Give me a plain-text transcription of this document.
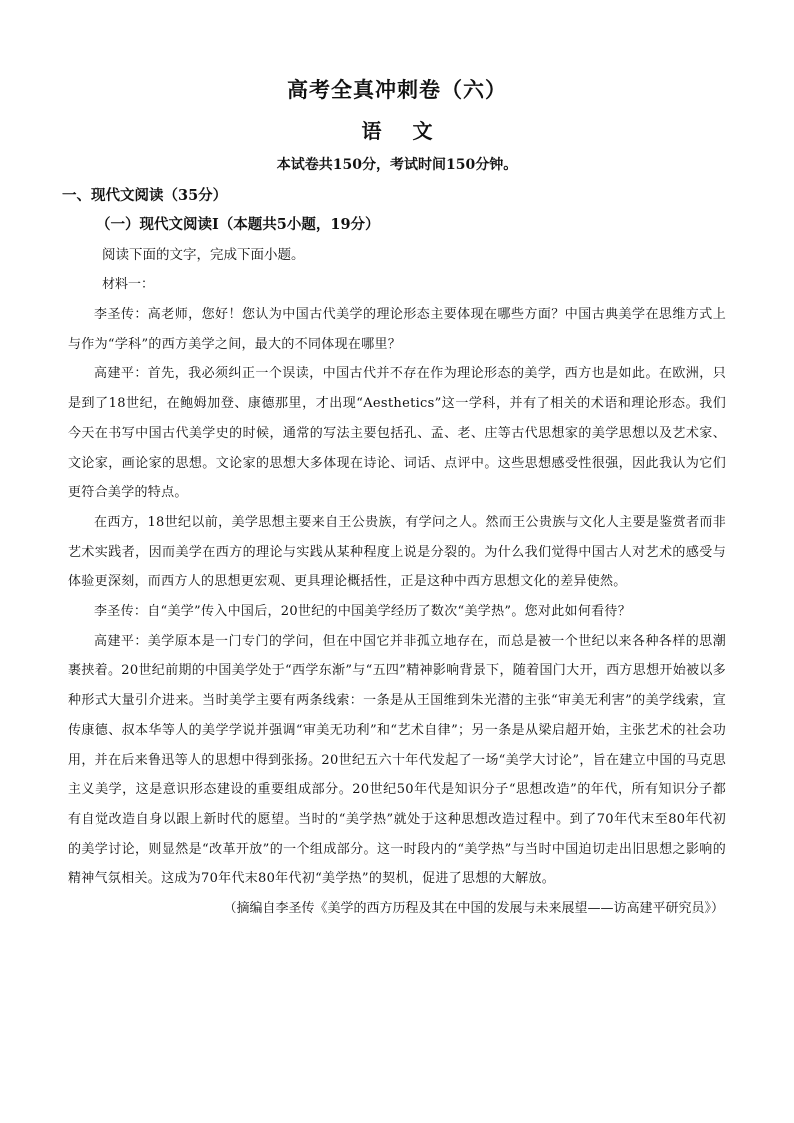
高考全真冲刺卷（六）
语 文
本试卷共150分，考试时间150分钟。
一、现代文阅读（35分）
（一）现代文阅读Ⅰ（本题共5小题，19分）
阅读下面的文字，完成下面小题。
材料一：

李圣传：高老师，您好！您认为中国古代美学的理论形态主要体现在哪些方面？中国古典美学在思维方式上与作为“学科”的西方美学之间，最大的不同体现在哪里？

高建平：首先，我必须纠正一个误读，中国古代并不存在作为理论形态的美学，西方也是如此。在欧洲，只是到了18世纪，在鲍姆加登、康德那里，才出现“Aesthetics”这一学科，并有了相关的术语和理论形态。我们今天在书写中国古代美学史的时候，通常的写法主要包括孔、孟、老、庄等古代思想家的美学思想以及艺术家、文论家，画论家的思想。文论家的思想大多体现在诗论、词话、点评中。这些思想感受性很强，因此我认为它们更符合美学的特点。

在西方，18世纪以前，美学思想主要来自王公贵族，有学问之人。然而王公贵族与文化人主要是鉴赏者而非艺术实践者，因而美学在西方的理论与实践从某种程度上说是分裂的。为什么我们觉得中国古人对艺术的感受与体验更深刻，而西方人的思想更宏观、更具理论概括性，正是这种中西方思想文化的差异使然。

李圣传：自“美学”传入中国后，20世纪的中国美学经历了数次“美学热”。您对此如何看待？

高建平：美学原本是一门专门的学问，但在中国它并非孤立地存在，而总是被一个世纪以来各种各样的思潮裹挟着。20世纪前期的中国美学处于“西学东渐”与“五四”精神影响背景下，随着国门大开，西方思想开始被以多种形式大量引介进来。当时美学主要有两条线索：一条是从王国维到朱光潜的主张“审美无利害”的美学线索，宣传康德、叔本华等人的美学学说并强调“审美无功利”和“艺术自律”；另一条是从梁启超开始，主张艺术的社会功用，并在后来鲁迅等人的思想中得到张扬。20世纪五六十年代发起了一场“美学大讨论”，旨在建立中国的马克思主义美学，这是意识形态建设的重要组成部分。20世纪50年代是知识分子“思想改造”的年代，所有知识分子都有自觉改造自身以跟上新时代的愿望。当时的“美学热”就处于这种思想改造过程中。到了70年代末至80年代初的美学讨论，则显然是“改革开放”的一个组成部分。这一时段内的“美学热”与当时中国迫切走出旧思想之影响的精神气氛相关。这成为70年代末80年代初“美学热”的契机，促进了思想的大解放。

（摘编自李圣传《美学的西方历程及其在中国的发展与未来展望——访高建平研究员》）
